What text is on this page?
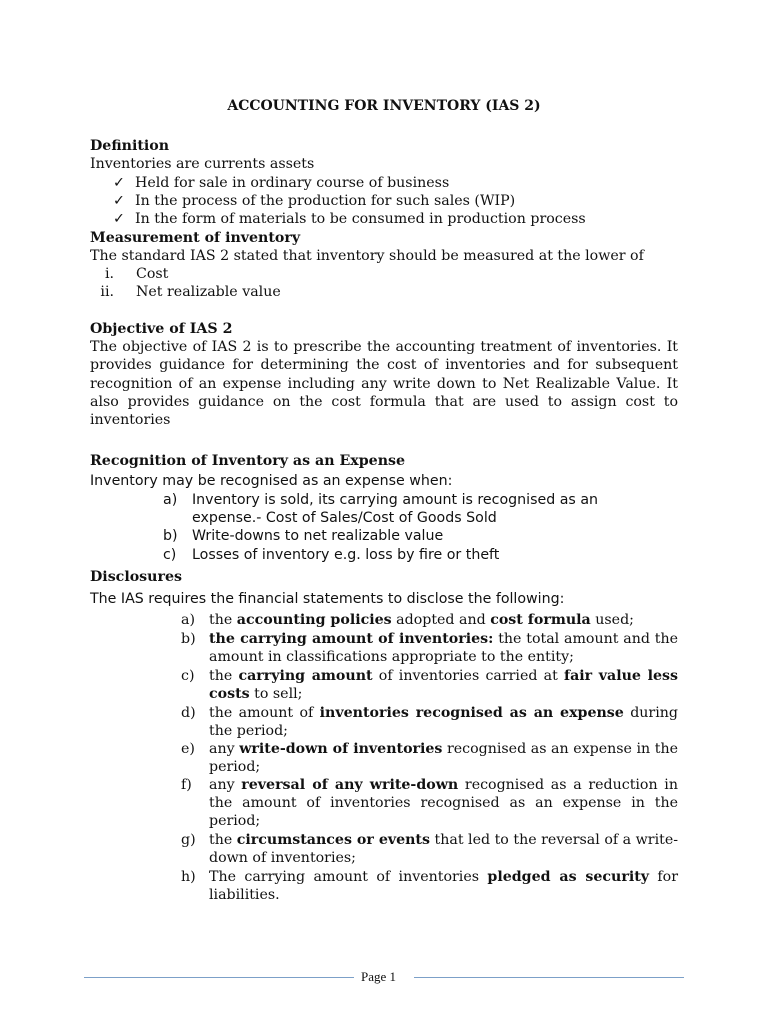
ACCOUNTING FOR INVENTORY (IAS 2)
Definition
Inventories are currents assets
✓ Held for sale in ordinary course of business
✓ In the process of the production for such sales (WIP)
✓ In the form of materials to be consumed in production process
Measurement of inventory
The standard IAS 2 stated that inventory should be measured at the lower of
i. Cost
ii. Net realizable value
Objective of IAS 2
The objective of IAS 2 is to prescribe the accounting treatment of inventories. It provides guidance for determining the cost of inventories and for subsequent recognition of an expense including any write down to Net Realizable Value. It also provides guidance on the cost formula that are used to assign cost to inventories
Recognition of Inventory as an Expense
Inventory may be recognised as an expense when:
a) Inventory is sold, its carrying amount is recognised as an
expense.- Cost of Sales/Cost of Goods Sold
b) Write-downs to net realizable value
c) Losses of inventory e.g. loss by fire or theft
Disclosures
The IAS requires the financial statements to disclose the following:
a) the accounting policies adopted and cost formula used;
b) the carrying amount of inventories: the total amount and the amount in classifications appropriate to the entity;
c) the carrying amount of inventories carried at fair value less costs to sell;
d) the amount of inventories recognised as an expense during the period;
e) any write-down of inventories recognised as an expense in the period;
f) any reversal of any write-down recognised as a reduction in the amount of inventories recognised as an expense in the period;
g) the circumstances or events that led to the reversal of a write-down of inventories;
h) The carrying amount of inventories pledged as security for liabilities.
Page 1
